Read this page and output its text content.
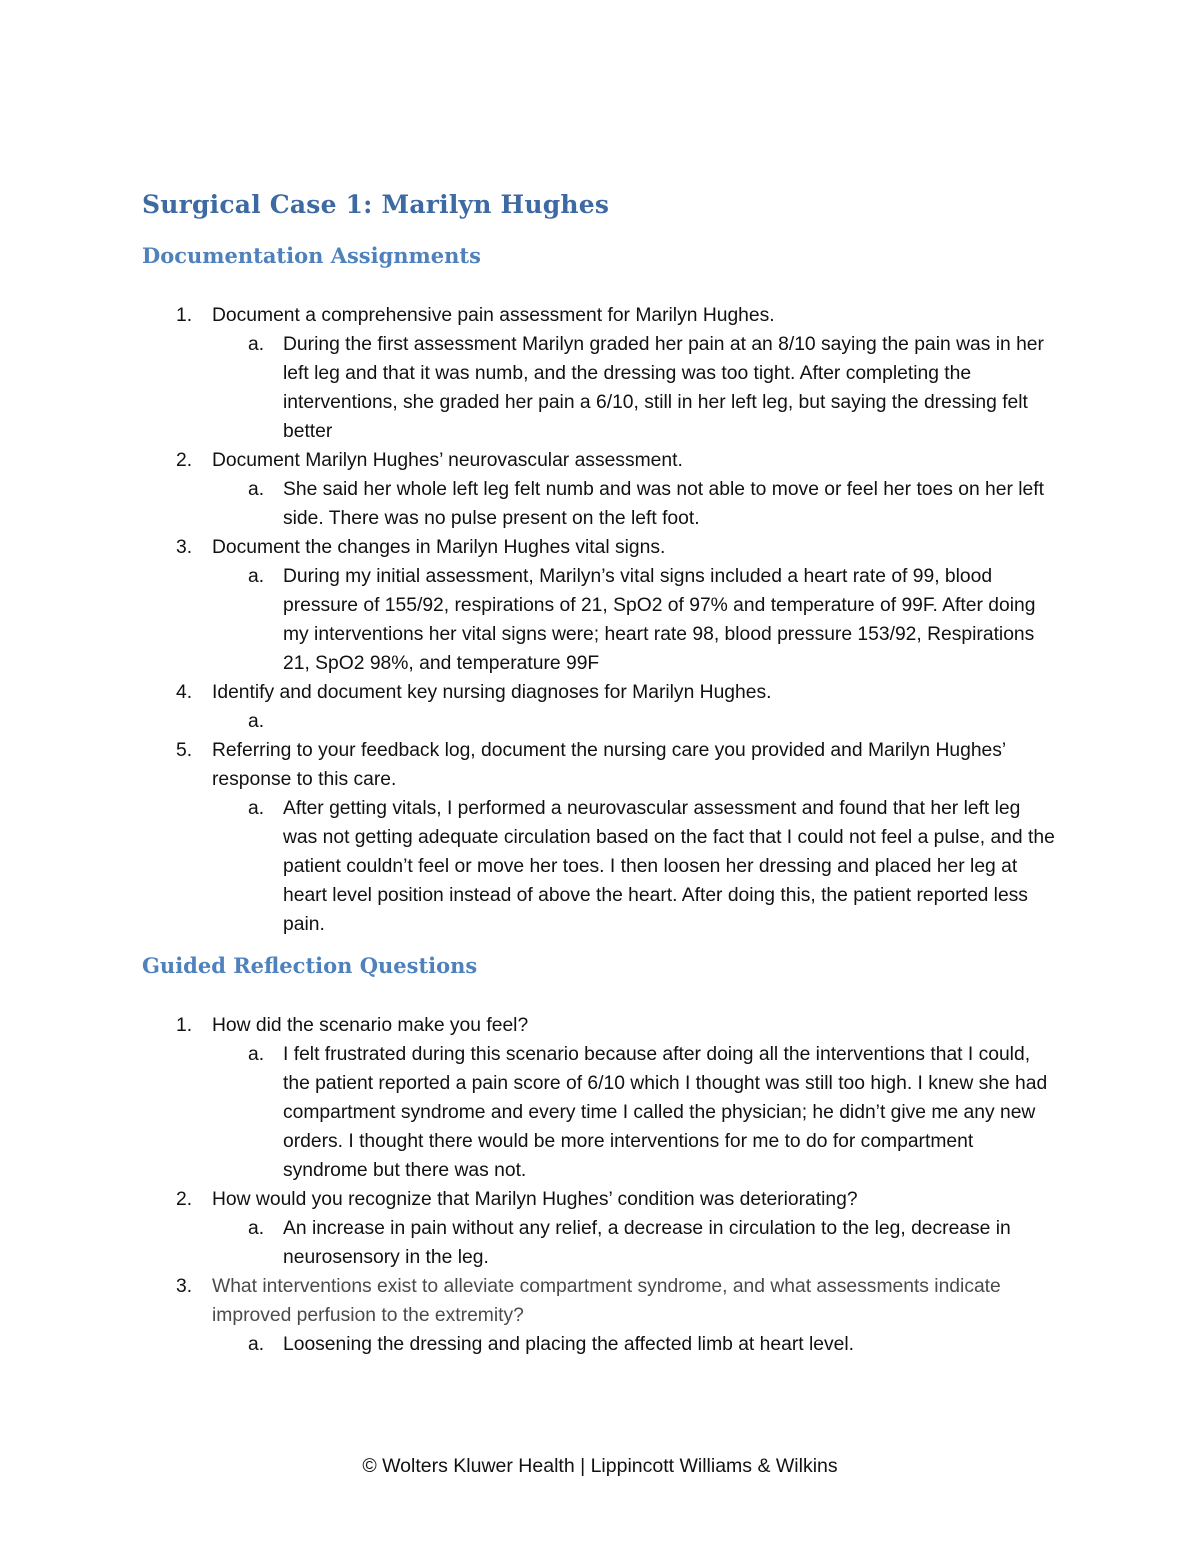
Surgical Case 1: Marilyn Hughes
Documentation Assignments
1. Document a comprehensive pain assessment for Marilyn Hughes.
a. During the first assessment Marilyn graded her pain at an 8/10 saying the pain was in her left leg and that it was numb, and the dressing was too tight. After completing the interventions, she graded her pain a 6/10, still in her left leg, but saying the dressing felt better
2. Document Marilyn Hughes’ neurovascular assessment.
a. She said her whole left leg felt numb and was not able to move or feel her toes on her left side. There was no pulse present on the left foot.
3. Document the changes in Marilyn Hughes vital signs.
a. During my initial assessment, Marilyn’s vital signs included a heart rate of 99, blood pressure of 155/92, respirations of 21, SpO2 of 97% and temperature of 99F. After doing my interventions her vital signs were; heart rate 98, blood pressure 153/92, Respirations 21, SpO2 98%, and temperature 99F
4. Identify and document key nursing diagnoses for Marilyn Hughes.
a.
5. Referring to your feedback log, document the nursing care you provided and Marilyn Hughes’ response to this care.
a. After getting vitals, I performed a neurovascular assessment and found that her left leg was not getting adequate circulation based on the fact that I could not feel a pulse, and the patient couldn’t feel or move her toes. I then loosen her dressing and placed her leg at heart level position instead of above the heart. After doing this, the patient reported less pain.
Guided Reflection Questions
1. How did the scenario make you feel?
a. I felt frustrated during this scenario because after doing all the interventions that I could, the patient reported a pain score of 6/10 which I thought was still too high. I knew she had compartment syndrome and every time I called the physician; he didn’t give me any new orders. I thought there would be more interventions for me to do for compartment syndrome but there was not.
2. How would you recognize that Marilyn Hughes’ condition was deteriorating?
a. An increase in pain without any relief, a decrease in circulation to the leg, decrease in neurosensory in the leg.
3. What interventions exist to alleviate compartment syndrome, and what assessments indicate improved perfusion to the extremity?
a. Loosening the dressing and placing the affected limb at heart level.
© Wolters Kluwer Health | Lippincott Williams & Wilkins
